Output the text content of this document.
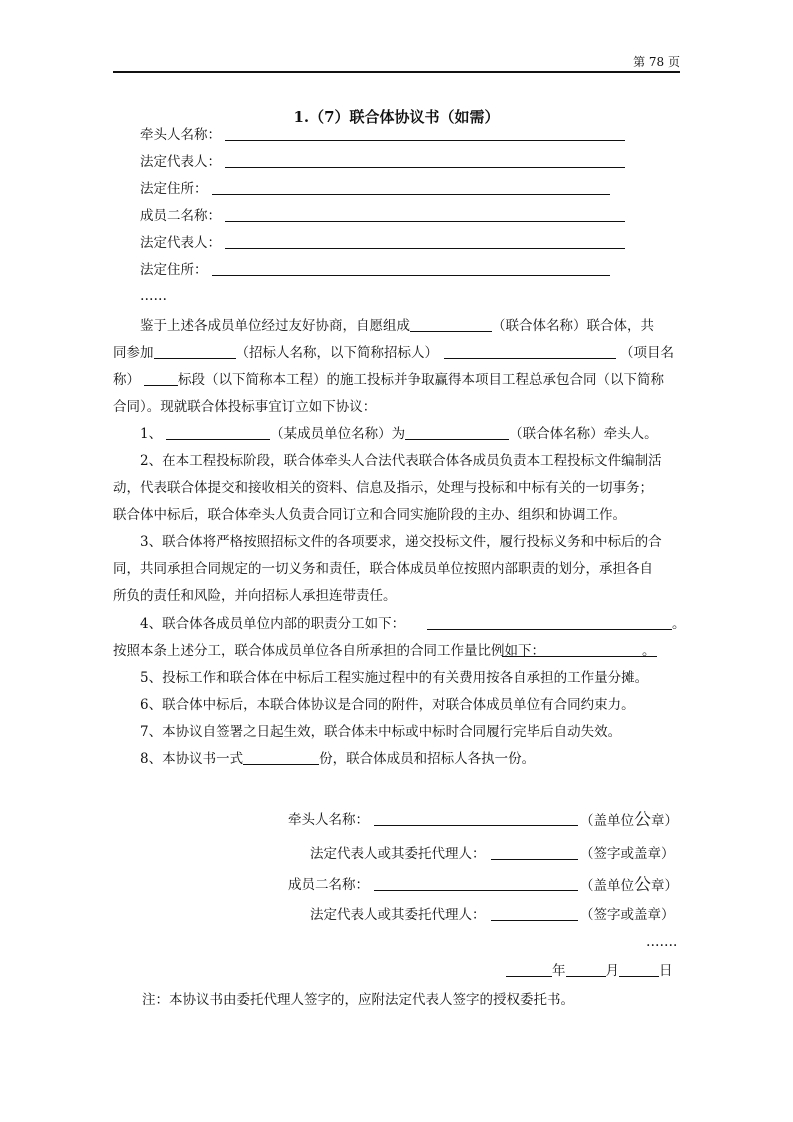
第 78 页
1.（7）联合体协议书（如需）
牵头人名称：
法定代表人：
法定住所：
成员二名称：
法定代表人：
法定住所：
……
鉴于上述各成员单位经过友好协商，自愿组成	（联合体名称）联合体，共
同参加	（招标人名称，以下简称招标人）	（项目名
称）	标段（以下简称本工程）的施工投标并争取赢得本项目工程总承包合同（以下简称
合同）。现就联合体投标事宜订立如下协议：
1、	（某成员单位名称）为	（联合体名称）牵头人。
2、在本工程投标阶段，联合体牵头人合法代表联合体各成员负责本工程投标文件编制活
动，代表联合体提交和接收相关的资料、信息及指示，处理与投标和中标有关的一切事务；
联合体中标后，联合体牵头人负责合同订立和合同实施阶段的主办、组织和协调工作。
3、联合体将严格按照招标文件的各项要求，递交投标文件，履行投标义务和中标后的合
同，共同承担合同规定的一切义务和责任，联合体成员单位按照内部职责的划分，承担各自
所负的责任和风险，并向招标人承担连带责任。
4、联合体各成员单位内部的职责分工如下：	。
按照本条上述分工，联合体成员单位各自所承担的合同工作量比例如下：	。
5、投标工作和联合体在中标后工程实施过程中的有关费用按各自承担的工作量分摊。
6、联合体中标后，本联合体协议是合同的附件，对联合体成员单位有合同约束力。
7、本协议自签署之日起生效，联合体未中标或中标时合同履行完毕后自动失效。
8、本协议书一式	份，联合体成员和招标人各执一份。
牵头人名称：	（盖单位公章）
法定代表人或其委托代理人：	（签字或盖章）
成员二名称：	（盖单位公章）
法定代表人或其委托代理人：	（签字或盖章）
…….
年	月	日
注：本协议书由委托代理人签字的，应附法定代表人签字的授权委托书。
